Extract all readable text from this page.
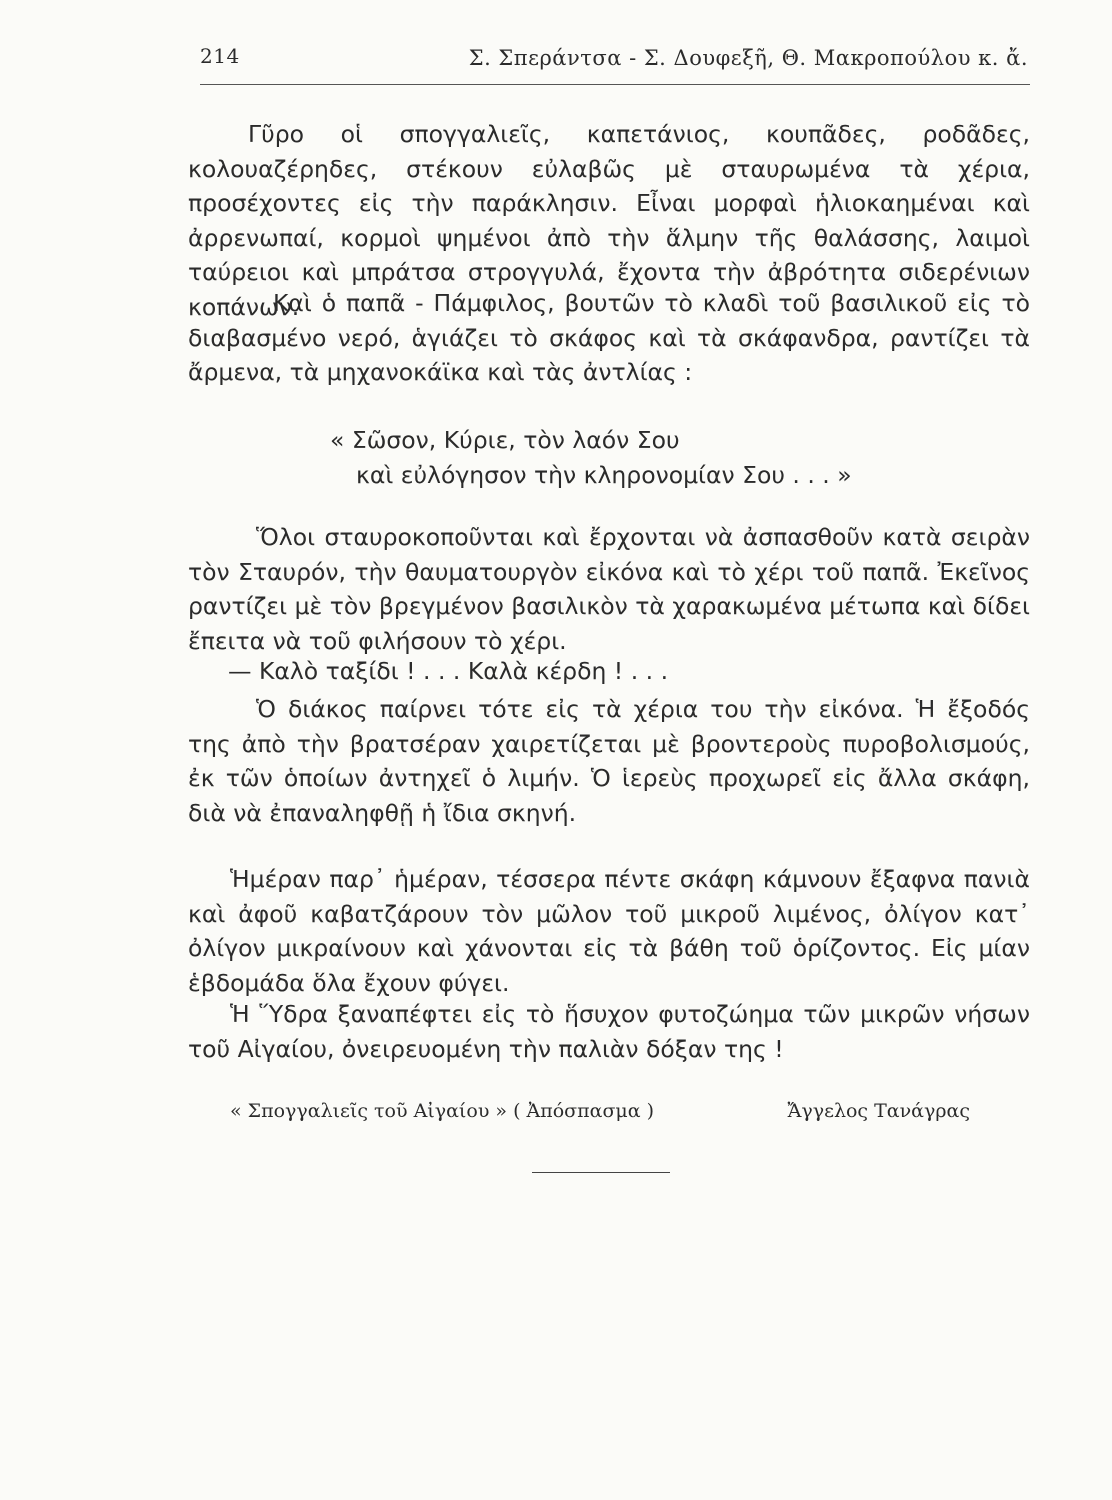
214	Σ. Σπεράντσα - Σ. Δουφεξῆ, Θ. Μακροπούλου κ. ἄ.

Γῦρο οἱ σπογγαλιεῖς, καπετάνιος, κουπᾶδες, ροδᾶδες, κολουαζέρηδες, στέκουν εὐλαβῶς μὲ σταυρωμένα τὰ χέρια, προσέχοντες εἰς τὴν παράκλησιν. Εἶναι μορφαὶ ἡλιοκαημέναι καὶ ἀρρενωπαί, κορμοὶ ψημένοι ἀπὸ τὴν ἅλμην τῆς θαλάσσης, λαιμοὶ ταύρειοι καὶ μπράτσα στρογγυλά, ἔχοντα τὴν ἀβρότητα σιδερένιων κοπάνων.

Καὶ ὁ παπᾶ - Πάμφιλος, βουτῶν τὸ κλαδὶ τοῦ βασιλικοῦ εἰς τὸ διαβασμένο νερό, ἁγιάζει τὸ σκάφος καὶ τὰ σκάφανδρα, ραντίζει τὰ ἄρμενα, τὰ μηχανοκάϊκα καὶ τὰς ἀντλίας :

« Σῶσον, Κύριε, τὸν λαόν Σου
καὶ εὐλόγησον τὴν κληρονομίαν Σου . . . »

Ὅλοι σταυροκοποῦνται καὶ ἔρχονται νὰ ἀσπασθοῦν κατὰ σειρὰν τὸν Σταυρόν, τὴν θαυματουργὸν εἰκόνα καὶ τὸ χέρι τοῦ παπᾶ. Ἐκεῖνος ραντίζει μὲ τὸν βρεγμένον βασιλικὸν τὰ χαρακωμένα μέτωπα καὶ δίδει ἔπειτα νὰ τοῦ φιλήσουν τὸ χέρι.

— Καλὸ ταξίδι ! . . . Καλὰ κέρδη ! . . .

Ὁ διάκος παίρνει τότε εἰς τὰ χέρια του τὴν εἰκόνα. Ἡ ἔξοδός της ἀπὸ τὴν βρατσέραν χαιρετίζεται μὲ βροντεροὺς πυροβολισμούς, ἐκ τῶν ὁποίων ἀντηχεῖ ὁ λιμήν. Ὁ ἱερεὺς προχωρεῖ εἰς ἄλλα σκάφη, διὰ νὰ ἐπαναληφθῇ ἡ ἴδια σκηνή.

Ἡμέραν παρ᾿ ἡμέραν, τέσσερα πέντε σκάφη κάμνουν ἔξαφνα πανιὰ καὶ ἀφοῦ καβατζάρουν τὸν μῶλον τοῦ μικροῦ λιμένος, ὀλίγον κατ᾿ ὀλίγον μικραίνουν καὶ χάνονται εἰς τὰ βάθη τοῦ ὁρίζοντος. Εἰς μίαν ἑβδομάδα ὅλα ἔχουν φύγει.

Ἡ Ὕδρα ξαναπέφτει εἰς τὸ ἥσυχον φυτοζώημα τῶν μικρῶν νήσων τοῦ Αἰγαίου, ὀνειρευομένη τὴν παλιὰν δόξαν της !

« Σπογγαλιεῖς τοῦ Αἰγαίου » ( Ἀπόσπασμα )	Ἄγγελος Τανάγρας
